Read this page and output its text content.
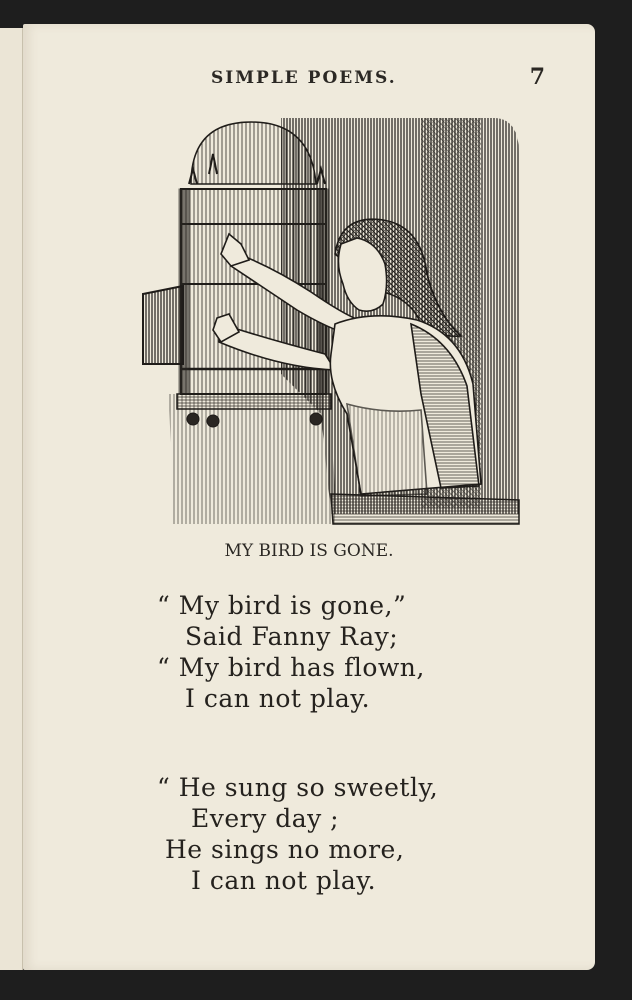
SIMPLE POEMS.	7
MY BIRD IS GONE.
“ My bird is gone,”
Said Fanny Ray;
“ My bird has flown,
I can not play.
“ He sung so sweetly,
Every day ;
He sings no more,
I can not play.
